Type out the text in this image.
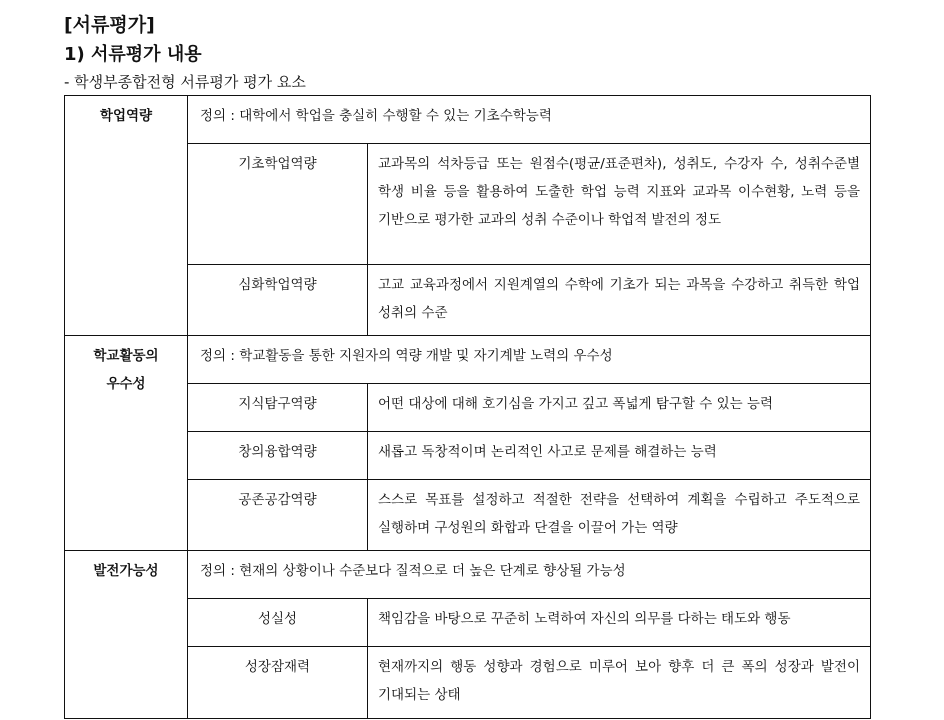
[서류평가]
1) 서류평가 내용
- 학생부종합전형 서류평가 평가 요소
학업역량	정의 : 대학에서 학업을 충실히 수행할 수 있는 기초수학능력	
	기초학업역량	교과목의 석차등급 또는 원점수(평균/표준편차), 성취도, 수강자 수, 성취수준별 학생 비율 등을 활용하여 도출한 학업 능력 지표와 교과목 이수현황, 노력 등을 기반으로 평가한 교과의 성취 수준이나 학업적 발전의 정도
	심화학업역량	고교 교육과정에서 지원계열의 수학에 기초가 되는 과목을 수강하고 취득한 학업 성취의 수준

학교활동의
우수성	정의 : 학교활동을 통한 지원자의 역량 개발 및 자기계발 노력의 우수성	
	지식탐구역량	어떤 대상에 대해 호기심을 가지고 깊고 폭넓게 탐구할 수 있는 능력
	창의융합역량	새롭고 독창적이며 논리적인 사고로 문제를 해결하는 능력
	공존공감역량	스스로 목표를 설정하고 적절한 전략을 선택하여 계획을 수립하고 주도적으로 실행하며 구성원의 화합과 단결을 이끌어 가는 역량
발전가능성	정의 : 현재의 상황이나 수준보다 질적으로 더 높은 단계로 향상될 가능성	
	성실성	책임감을 바탕으로 꾸준히 노력하여 자신의 의무를 다하는 태도와 행동
	성장잠재력	현재까지의 행동 성향과 경험으로 미루어 보아 향후 더 큰 폭의 성장과 발전이 기대되는 상태
